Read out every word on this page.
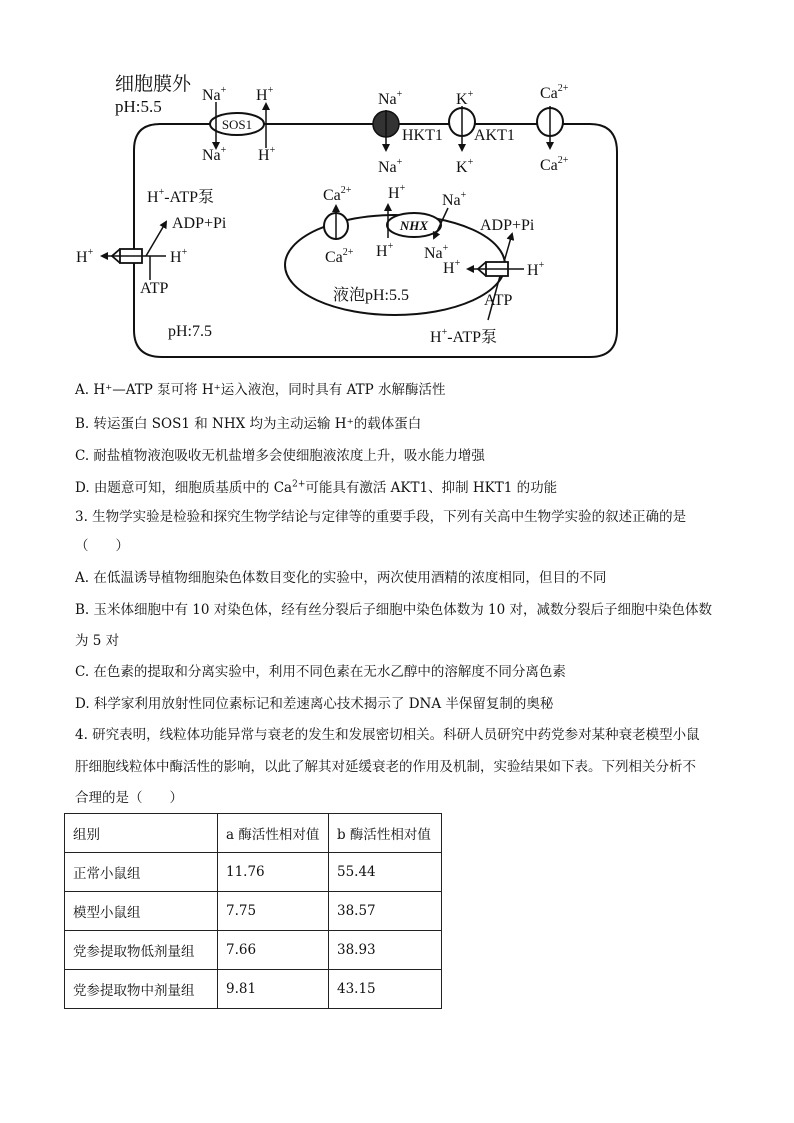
细胞膜外
pH:5.5
SOS1
Na+ H+
Na+ H+
Na+
HKT1
Na+
K+
AKT1
K+
$Ca^{2+}$
$Ca^{2+}$
H+-ATP泵
ADP+Pi
H+	H+
ATP
pH:7.5
液泡pH:5.5
$Ca^{2+}$
$Ca^{2+}$
NHX
H+
Na+
H+ Na+
ADP+Pi
H+	H+
ATP
H+-ATP泵
A. H⁺—ATP 泵可将 H⁺运入液泡，同时具有 ATP 水解酶活性
B. 转运蛋白 SOS1 和 NHX 均为主动运输 H⁺的载体蛋白
C. 耐盐植物液泡吸收无机盐增多会使细胞液浓度上升，吸水能力增强
D. 由题意可知，细胞质基质中的 $Ca^{2+}$可能具有激活 AKT1、抑制 HKT1 的功能
3. 生物学实验是检验和探究生物学结论与定律等的重要手段，下列有关高中生物学实验的叙述正确的是
（　　）
A. 在低温诱导植物细胞染色体数目变化的实验中，两次使用酒精的浓度相同，但目的不同
B. 玉米体细胞中有 10 对染色体，经有丝分裂后子细胞中染色体数为 10 对，减数分裂后子细胞中染色体数
为 5 对
C. 在色素的提取和分离实验中，利用不同色素在无水乙醇中的溶解度不同分离色素
D. 科学家利用放射性同位素标记和差速离心技术揭示了 DNA 半保留复制的奥秘
4. 研究表明，线粒体功能异常与衰老的发生和发展密切相关。科研人员研究中药党参对某种衰老模型小鼠
肝细胞线粒体中酶活性的影响，以此了解其对延缓衰老的作用及机制，实验结果如下表。下列相关分析不
合理的是（　　）
组别	a 酶活性相对值	b 酶活性相对值
正常小鼠组	11.76	55.44
模型小鼠组	7.75	38.57
党参提取物低剂量组	7.66	38.93
党参提取物中剂量组	9.81	43.15
